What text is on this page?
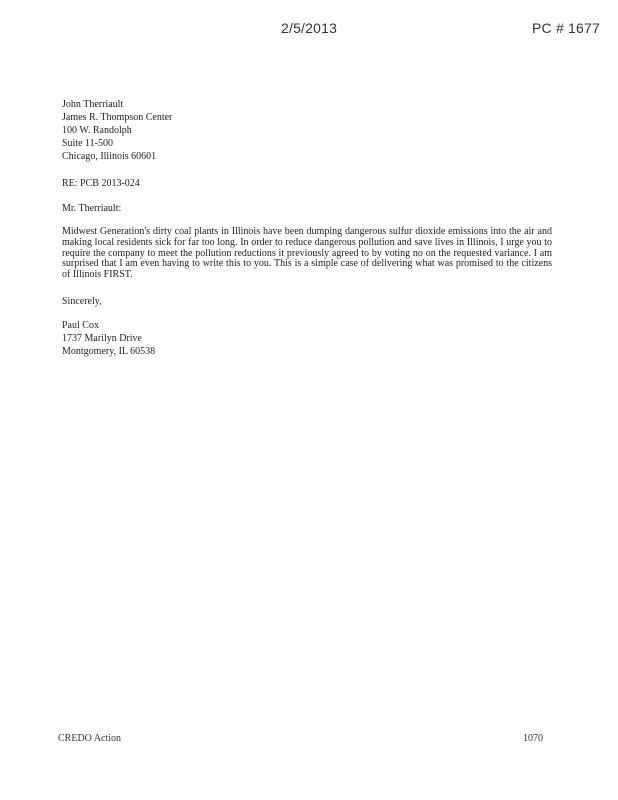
2/5/2013	PC # 1677
John Therriault
James R. Thompson Center
100 W. Randolph
Suite 11-500
Chicago, Illinois 60601
RE: PCB 2013-024
Mr. Therriault:
Midwest Generation's dirty coal plants in Illinois have been dumping dangerous sulfur dioxide emissions into the air and making local residents sick for far too long. In order to reduce dangerous pollution and save lives in Illinois, I urge you to require the company to meet the pollution reductions it previously agreed to by voting no on the requested variance. I am surprised that I am even having to write this to you. This is a simple case of delivering what was promised to the citizens of Illinois FIRST.
Sincerely,
Paul Cox
1737 Marilyn Drive
Montgomery, IL 60538
CREDO Action	1070
